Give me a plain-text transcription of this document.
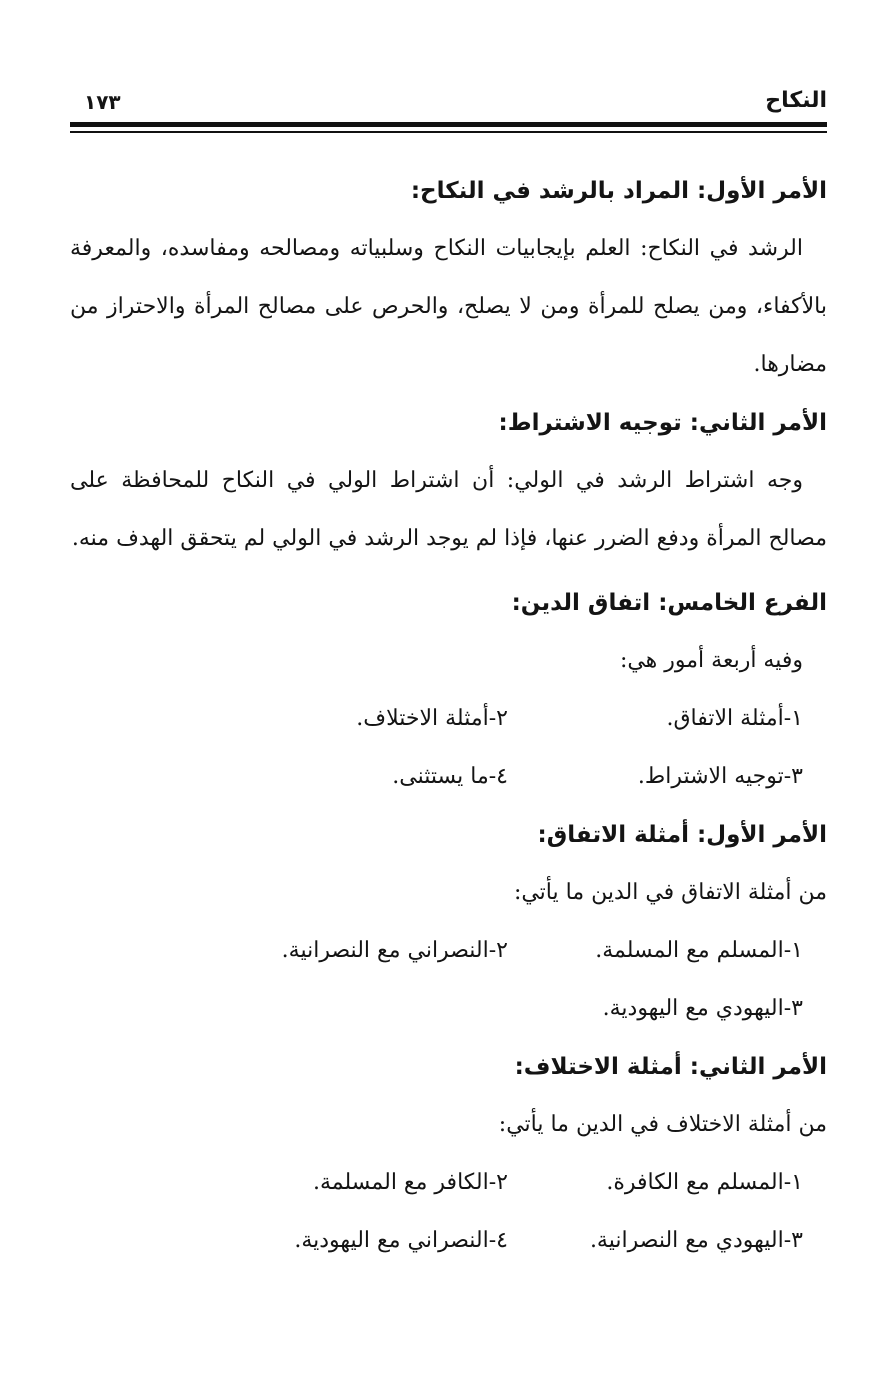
النكاح
١٧٣
الأمر الأول: المراد بالرشد في النكاح:
الرشد في النكاح: العلم بإيجابيات النكاح وسلبياته ومصالحه ومفاسده، والمعرفة بالأكفاء، ومن يصلح للمرأة ومن لا يصلح، والحرص على مصالح المرأة والاحتراز من مضارها.
الأمر الثاني: توجيه الاشتراط:
وجه اشتراط الرشد في الولي: أن اشتراط الولي في النكاح للمحافظة على مصالح المرأة ودفع الضرر عنها، فإذا لم يوجد الرشد في الولي لم يتحقق الهدف منه.
الفرع الخامس: اتفاق الدين:
وفيه أربعة أمور هي:
١-أمثلة الاتفاق.
٢-أمثلة الاختلاف.
٣-توجيه الاشتراط.
٤-ما يستثنى.
الأمر الأول: أمثلة الاتفاق:
من أمثلة الاتفاق في الدين ما يأتي:
١-المسلم مع المسلمة.
٢-النصراني مع النصرانية.
٣-اليهودي مع اليهودية.
الأمر الثاني: أمثلة الاختلاف:
من أمثلة الاختلاف في الدين ما يأتي:
١-المسلم مع الكافرة.
٢-الكافر مع المسلمة.
٣-اليهودي مع النصرانية.
٤-النصراني مع اليهودية.
